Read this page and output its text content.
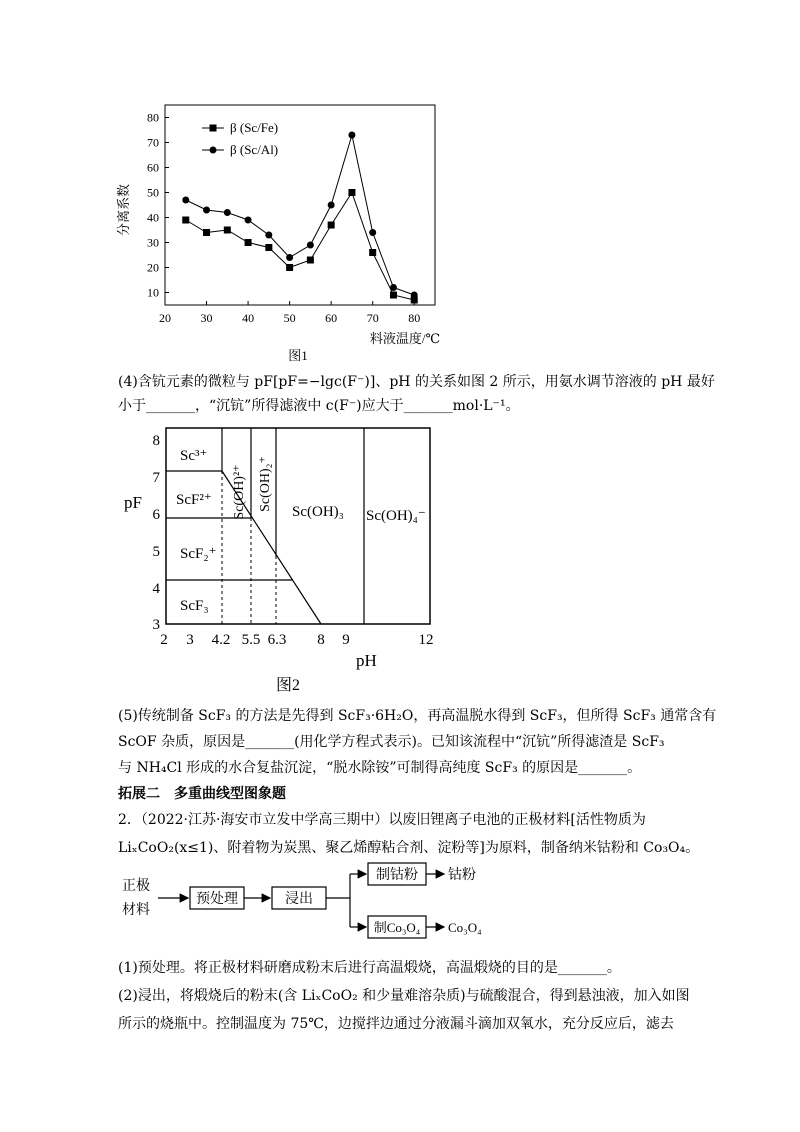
10
20
30
40
50
60
70
80
20 30 40 50 60 70 80
β (Sc/Fe)
β (Sc/Al)
分离系数
料液温度/℃
图1
(4)含钪元素的微粒与 pF[pF=−lgc(F⁻)]、pH 的关系如图 2 所示，用氨水调节溶液的 pH 最好
小于_______，“沉钪”所得滤液中 c(F⁻)应大于_______mol·L⁻¹。
8
7
6
5
4
3
pF
2 3 4.2 5.5 6.3 8 9	12
pH
Sc³⁺
ScF²⁺
ScF₂⁺
ScF₃
Sc(OH)₃ Sc(OH)₄⁻
Sc(OH)²⁺ Sc(OH)₂⁺
图2
(5)传统制备 ScF₃ 的方法是先得到 ScF₃·6H₂O，再高温脱水得到 ScF₃，但所得 ScF₃ 通常含有
ScOF 杂质，原因是_______(用化学方程式表示)。已知该流程中“沉钪”所得滤渣是 ScF₃
与 NH₄Cl 形成的水合复盐沉淀，“脱水除铵”可制得高纯度 ScF₃ 的原因是_______。
拓展二　多重曲线型图象题
2．（2022·江苏·海安市立发中学高三期中）以废旧锂离子电池的正极材料[活性物质为
LiₓCoO₂(x≤1)、附着物为炭黑、聚乙烯醇粘合剂、淀粉等]为原料，制备纳米钴粉和 Co₃O₄。
正极
材料
预处理	浸出
制钴粉 钴粉
制Co₃O₄ Co₃O₄
(1)预处理。将正极材料研磨成粉末后进行高温煅烧，高温煅烧的目的是_______。
(2)浸出，将煅烧后的粉末(含 LiₓCoO₂ 和少量难溶杂质)与硫酸混合，得到悬浊液，加入如图
所示的烧瓶中。控制温度为 75℃，边搅拌边通过分液漏斗滴加双氧水，充分反应后，滤去
